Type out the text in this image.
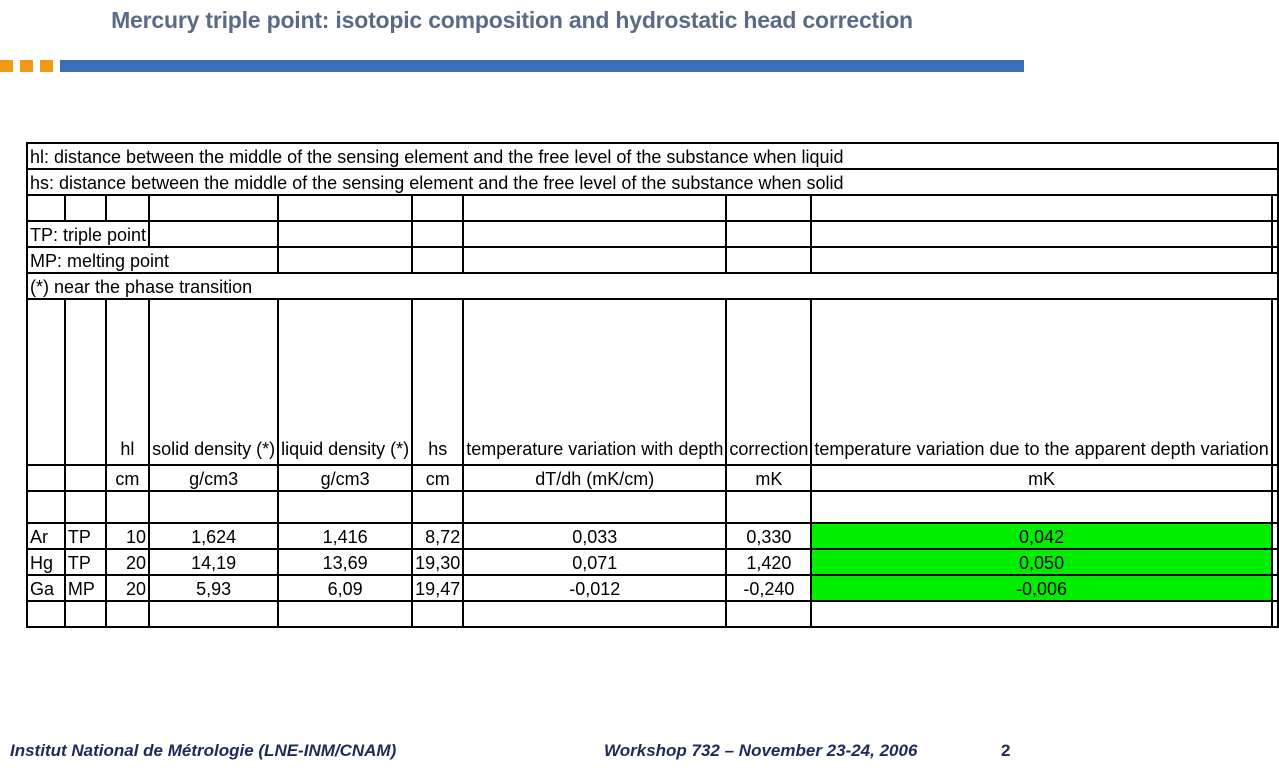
Mercury triple point: isotopic composition and hydrostatic head correction
hl: distance between the middle of the sensing element and the free level of the substance when liquid									
hs: distance between the middle of the sensing element and the free level of the substance when solid									

TP: triple point									
MP: melting point									
(*) near the phase transition									
		hl	solid density (*)	liquid density (*)	hs	temperature variation with depth	correction	temperature variation due to the apparent depth variation	
		cm	g/cm3	g/cm3	cm	dT/dh (mK/cm)	mK	mK	

Ar	TP	10	1,624	1,416	8,72	0,033	0,330	0,042	
Hg	TP	20	14,19	13,69	19,30	0,071	1,420	0,050	
Ga	MP	20	5,93	6,09	19,47	-0,012	-0,240	-0,006	

Institut National de Métrologie (LNE-INM/CNAM)	Workshop 732 – November 23-24, 2006	2
